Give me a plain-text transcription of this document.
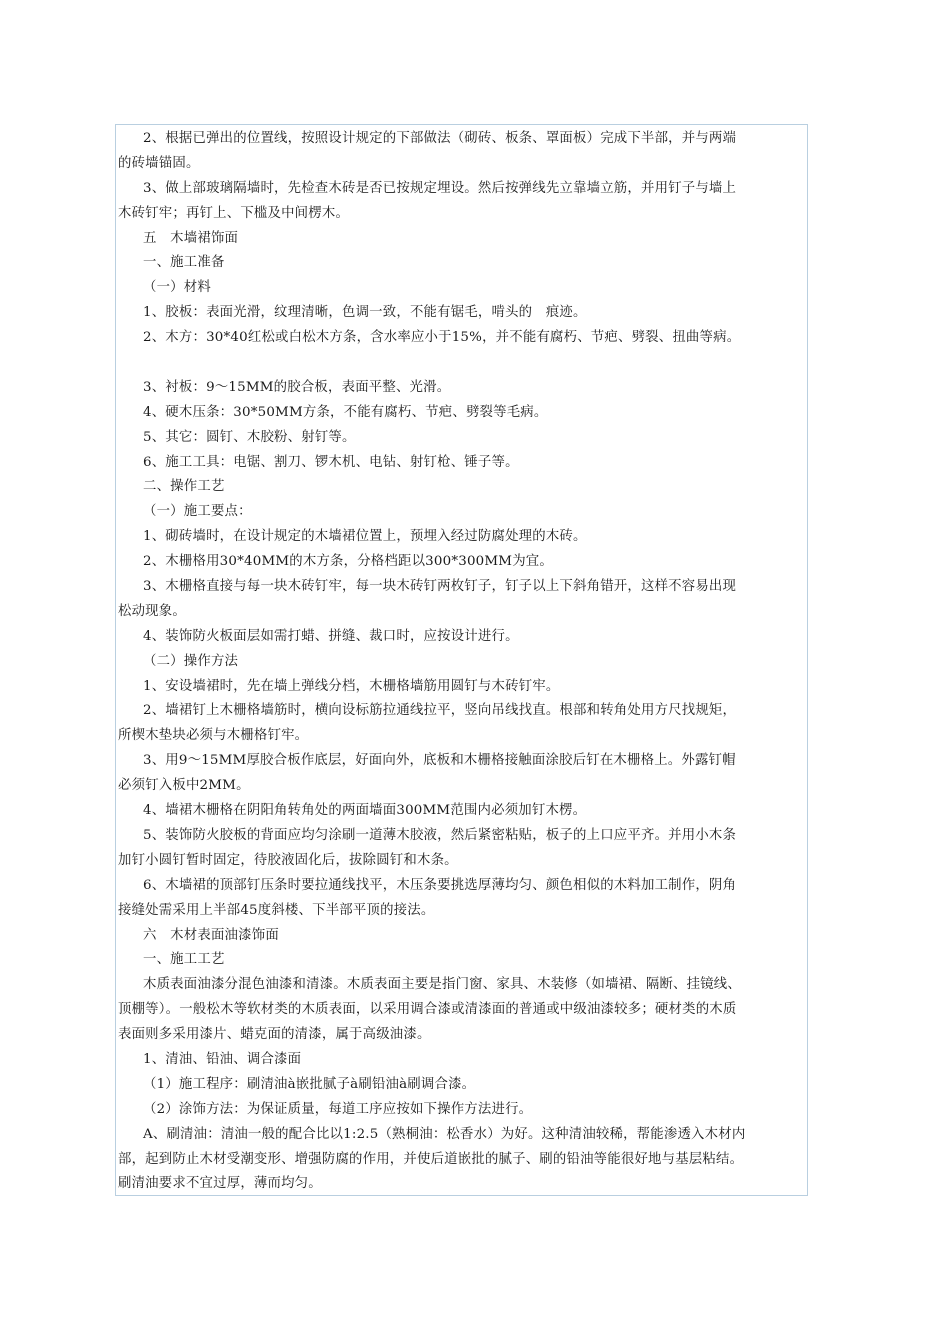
2、根据已弹出的位置线，按照设计规定的下部做法（砌砖、板条、罩面板）完成下半部，并与两端
的砖墙锚固。
3、做上部玻璃隔墙时，先检查木砖是否已按规定埋设。然后按弹线先立靠墙立筋，并用钉子与墙上
木砖钉牢；再钉上、下槛及中间楞木。
五　木墙裙饰面
一、施工准备
（一）材料
1、胶板：表面光滑，纹理清晰，色调一致，不能有锯毛，啃头的　痕迹。
2、木方：30*40红松或白松木方条，含水率应小于15%，并不能有腐朽、节疤、劈裂、扭曲等病。
3、衬板：9～15MM的胶合板，表面平整、光滑。
4、硬木压条：30*50MM方条，不能有腐朽、节疤、劈裂等毛病。
5、其它：圆钉、木胶粉、射钉等。
6、施工工具：电锯、割刀、锣木机、电钻、射钉枪、锤子等。
二、操作工艺
（一）施工要点：
1、砌砖墙时，在设计规定的木墙裙位置上，预埋入经过防腐处理的木砖。
2、木栅格用30*40MM的木方条，分格档距以300*300MM为宜。
3、木栅格直接与每一块木砖钉牢，每一块木砖钉两枚钉子，钉子以上下斜角错开，这样不容易出现
松动现象。
4、装饰防火板面层如需打蜡、拼缝、裁口时，应按设计进行。
（二）操作方法
1、安设墙裙时，先在墙上弹线分档，木栅格墙筋用圆钉与木砖钉牢。
2、墙裙钉上木栅格墙筋时，横向设标筋拉通线拉平，竖向吊线找直。根部和转角处用方尺找规矩，
所楔木垫块必须与木栅格钉牢。
3、用9～15MM厚胶合板作底层，好面向外，底板和木栅格接触面涂胶后钉在木栅格上。外露钉帽
必须钉入板中2MM。
4、墙裙木栅格在阴阳角转角处的两面墙面300MM范围内必须加钉木楞。
5、装饰防火胶板的背面应均匀涂刷一道薄木胶液，然后紧密粘贴，板子的上口应平齐。并用小木条
加钉小圆钉暂时固定，待胶液固化后，拔除圆钉和木条。
6、木墙裙的顶部钉压条时要拉通线找平，木压条要挑选厚薄均匀、颜色相似的木料加工制作，阴角
接缝处需采用上半部45度斜楼、下半部平顶的接法。
六　木材表面油漆饰面
一、施工工艺
木质表面油漆分混色油漆和清漆。木质表面主要是指门窗、家具、木装修（如墙裙、隔断、挂镜线、
顶棚等）。一般松木等软材类的木质表面，以采用调合漆或清漆面的普通或中级油漆较多；硬材类的木质
表面则多采用漆片、蜡克面的清漆，属于高级油漆。
1、清油、铅油、调合漆面
（1）施工程序：刷清油à嵌批腻子à刷铅油à刷调合漆。
（2）涂饰方法：为保证质量，每道工序应按如下操作方法进行。
A、刷清油：清油一般的配合比以1:2.5（熟桐油：松香水）为好。这种清油较稀，帮能渗透入木材内
部，起到防止木材受潮变形、增强防腐的作用，并使后道嵌批的腻子、刷的铅油等能很好地与基层粘结。
刷清油要求不宜过厚，薄而均匀。
